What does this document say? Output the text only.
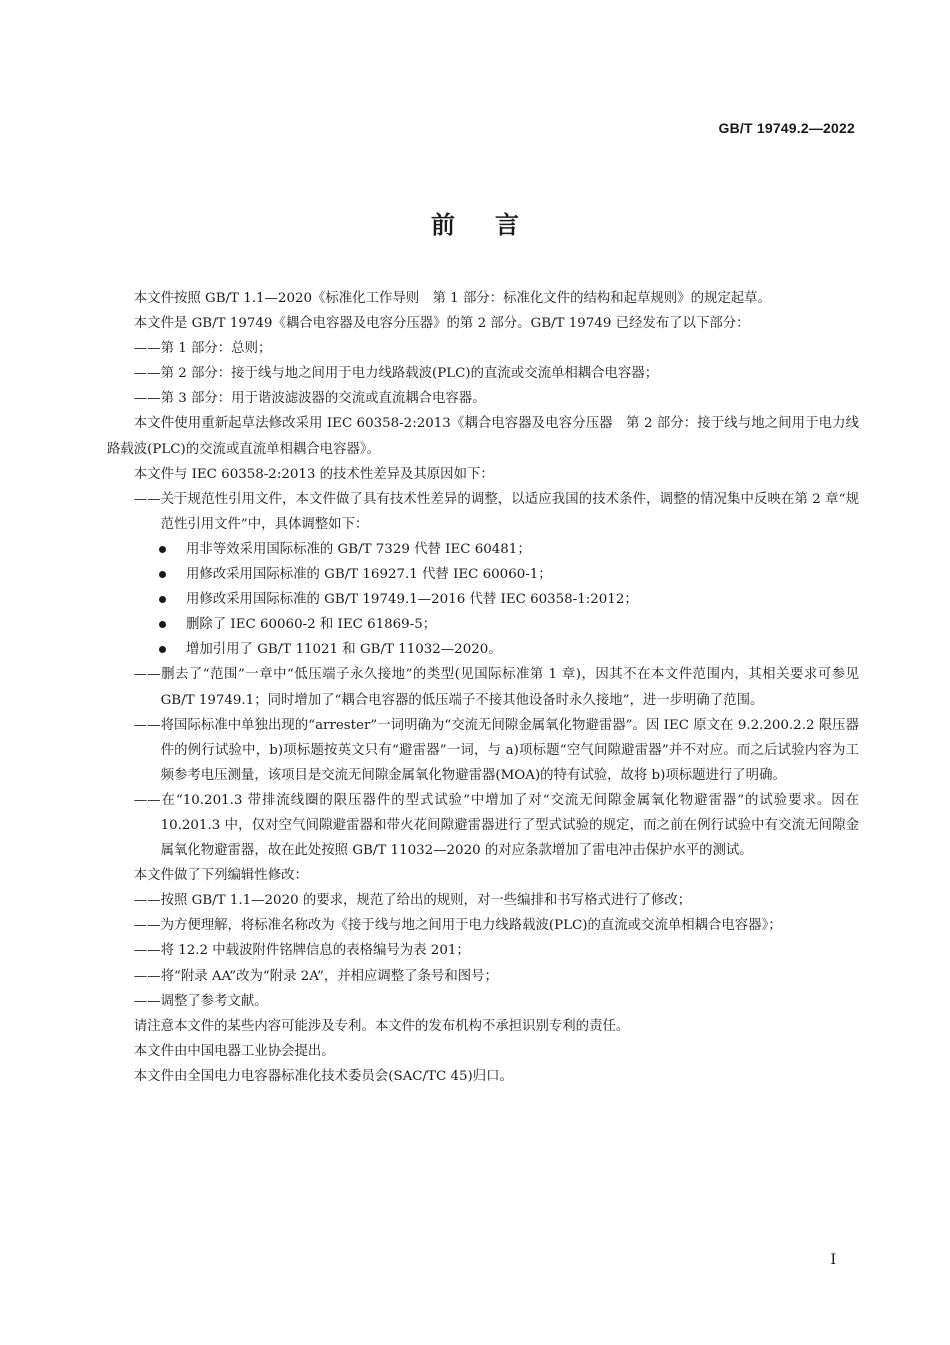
GB/T 19749.2—2022
前言

本文件按照 GB/T 1.1—2020《标准化工作导则　第 1 部分：标准化文件的结构和起草规则》的规定起草。

本文件是 GB/T 19749《耦合电容器及电容分压器》的第 2 部分。GB/T 19749 已经发布了以下部分：

——第 1 部分：总则；

——第 2 部分：接于线与地之间用于电力线路载波(PLC)的直流或交流单相耦合电容器；

——第 3 部分：用于谐波滤波器的交流或直流耦合电容器。

本文件使用重新起草法修改采用 IEC 60358-2:2013《耦合电容器及电容分压器　第 2 部分：接于线与地之间用于电力线路载波(PLC)的交流或直流单相耦合电容器》。

本文件与 IEC 60358-2:2013 的技术性差异及其原因如下：

——关于规范性引用文件，本文件做了具有技术性差异的调整，以适应我国的技术条件，调整的情况集中反映在第 2 章“规范性引用文件”中，具体调整如下：

用非等效采用国际标准的 GB/T 7329 代替 IEC 60481；

用修改采用国际标准的 GB/T 16927.1 代替 IEC 60060-1；

用修改采用国际标准的 GB/T 19749.1—2016 代替 IEC 60358-1:2012；

删除了 IEC 60060-2 和 IEC 61869-5；

增加引用了 GB/T 11021 和 GB/T 11032—2020。

——删去了“范围”一章中“低压端子永久接地”的类型(见国际标准第 1 章)，因其不在本文件范围内，其相关要求可参见 GB/T 19749.1；同时增加了“耦合电容器的低压端子不接其他设备时永久接地”，进一步明确了范围。

——将国际标准中单独出现的“arrester”一词明确为“交流无间隙金属氧化物避雷器”。因 IEC 原文在 9.2.200.2.2 限压器件的例行试验中，b)项标题按英文只有“避雷器”一词，与 a)项标题“空气间隙避雷器”并不对应。而之后试验内容为工频参考电压测量，该项目是交流无间隙金属氧化物避雷器(MOA)的特有试验，故将 b)项标题进行了明确。

——在“10.201.3 带排流线圈的限压器件的型式试验”中增加了对“交流无间隙金属氧化物避雷器”的试验要求。因在 10.201.3 中，仅对空气间隙避雷器和带火花间隙避雷器进行了型式试验的规定，而之前在例行试验中有交流无间隙金属氧化物避雷器，故在此处按照 GB/T 11032—2020 的对应条款增加了雷电冲击保护水平的测试。

本文件做了下列编辑性修改：

——按照 GB/T 1.1—2020 的要求，规范了给出的规则，对一些编排和书写格式进行了修改；

——为方便理解，将标准名称改为《接于线与地之间用于电力线路载波(PLC)的直流或交流单相耦合电容器》；

——将 12.2 中载波附件铭牌信息的表格编号为表 201；

——将“附录 AA”改为“附录 2A”，并相应调整了条号和图号；

——调整了参考文献。

请注意本文件的某些内容可能涉及专利。本文件的发布机构不承担识别专利的责任。

本文件由中国电器工业协会提出。

本文件由全国电力电容器标准化技术委员会(SAC/TC 45)归口。

I
